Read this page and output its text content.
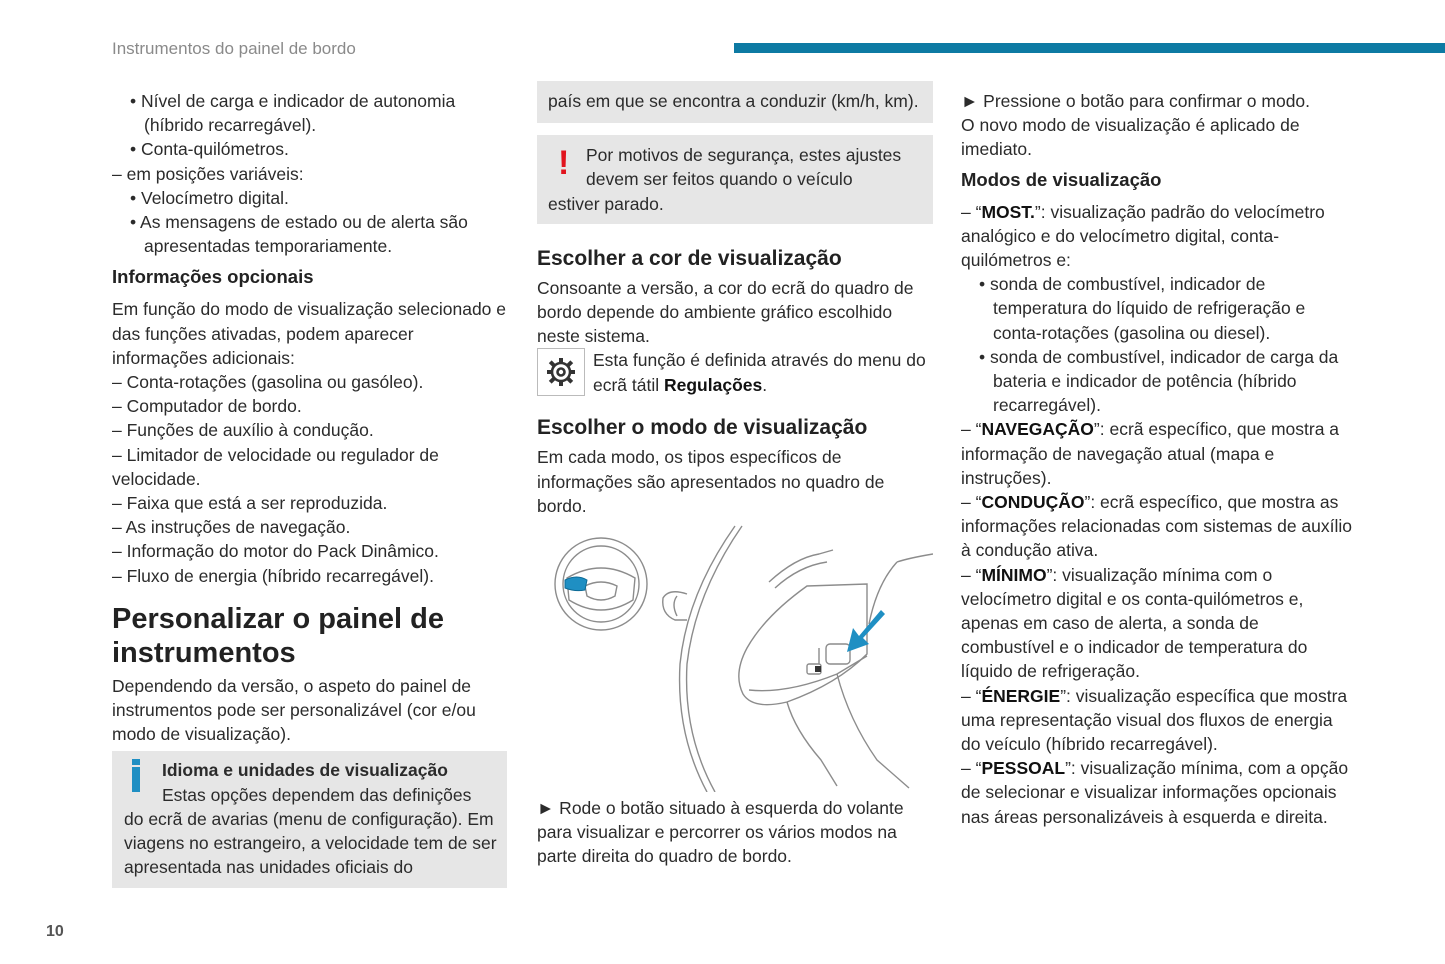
Instrumentos do painel de bordo

• Nível de carga e indicador de autonomia (híbrido recarregável).

• Conta-quilómetros.

– em posições variáveis:

• Velocímetro digital.

• As mensagens de estado ou de alerta são apresentadas temporariamente.

Informações opcionais

Em função do modo de visualização selecionado e das funções ativadas, podem aparecer informações adicionais:

– Conta-rotações (gasolina ou gasóleo).

– Computador de bordo.

– Funções de auxílio à condução.

– Limitador de velocidade ou regulador de velocidade.

– Faixa que está a ser reproduzida.

– As instruções de navegação.

– Informação do motor do Pack Dinâmico.

– Fluxo de energia (híbrido recarregável).

Personalizar o painel de instrumentos

Dependendo da versão, o aspeto do painel de instrumentos pode ser personalizável (cor e/ou modo de visualização).

Idioma e unidades de visualização
Estas opções dependem das definições
do ecrã de avarias (menu de configuração). Em viagens no estrangeiro, a velocidade tem de ser apresentada nas unidades oficiais do
país em que se encontra a conduzir (km/h, km).
! Por motivos de segurança, estes ajustes devem ser feitos quando o veículo
estiver parado.
Escolher a cor de visualização

Consoante a versão, a cor do ecrã do quadro de bordo depende do ambiente gráfico escolhido neste sistema.

Esta função é definida através do menu do ecrã tátil Regulações.

Escolher o modo de visualização

Em cada modo, os tipos específicos de informações são apresentados no quadro de bordo.

► Rode o botão situado à esquerda do volante para visualizar e percorrer os vários modos na parte direita do quadro de bordo.

► Pressione o botão para confirmar o modo.

O novo modo de visualização é aplicado de imediato.

Modos de visualização

– “MOST.”: visualização padrão do velocímetro analógico e do velocímetro digital, conta-quilómetros e:

• sonda de combustível, indicador de temperatura do líquido de refrigeração e conta-rotações (gasolina ou diesel).

• sonda de combustível, indicador de carga da bateria e indicador de potência (híbrido recarregável).

– “NAVEGAÇÃO”: ecrã específico, que mostra a informação de navegação atual (mapa e instruções).

– “CONDUÇÃO”: ecrã específico, que mostra as informações relacionadas com sistemas de auxílio à condução ativa.

– “MÍNIMO”: visualização mínima com o velocímetro digital e os conta-quilómetros e, apenas em caso de alerta, a sonda de combustível e o indicador de temperatura do líquido de refrigeração.

– “ÉNERGIE”: visualização específica que mostra uma representação visual dos fluxos de energia do veículo (híbrido recarregável).

– “PESSOAL”: visualização mínima, com a opção de selecionar e visualizar informações opcionais nas áreas personalizáveis à esquerda e direita.

10
